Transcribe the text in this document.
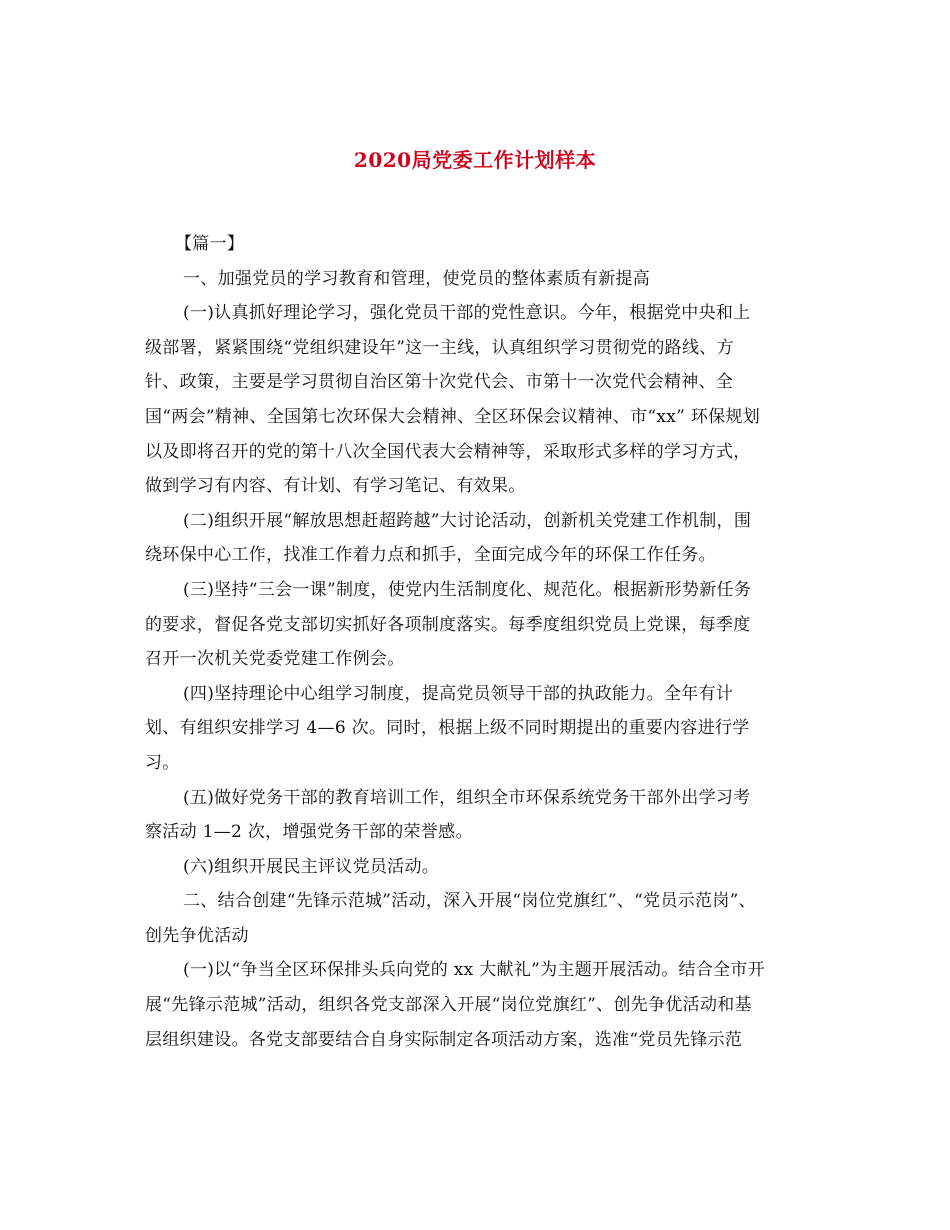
2020局党委工作计划样本
【篇一】
一、加强党员的学习教育和管理，使党员的整体素质有新提高
(一)认真抓好理论学习，强化党员干部的党性意识。今年，根据党中央和上
级部署，紧紧围绕“党组织建设年”这一主线，认真组织学习贯彻党的路线、方
针、政策，主要是学习贯彻自治区第十次党代会、市第十一次党代会精神、全
国“两会”精神、全国第七次环保大会精神、全区环保会议精神、市“xx” 环保规划
以及即将召开的党的第十八次全国代表大会精神等，采取形式多样的学习方式，
做到学习有内容、有计划、有学习笔记、有效果。
(二)组织开展“解放思想赶超跨越”大讨论活动，创新机关党建工作机制，围
绕环保中心工作，找准工作着力点和抓手，全面完成今年的环保工作任务。
(三)坚持“三会一课”制度，使党内生活制度化、规范化。根据新形势新任务
的要求，督促各党支部切实抓好各项制度落实。每季度组织党员上党课，每季度
召开一次机关党委党建工作例会。
(四)坚持理论中心组学习制度，提高党员领导干部的执政能力。全年有计
划、有组织安排学习 4—6 次。同时，根据上级不同时期提出的重要内容进行学
习。
(五)做好党务干部的教育培训工作，组织全市环保系统党务干部外出学习考
察活动 1—2 次，增强党务干部的荣誉感。
(六)组织开展民主评议党员活动。
二、结合创建“先锋示范城”活动，深入开展“岗位党旗红”、“党员示范岗”、
创先争优活动
(一)以“争当全区环保排头兵向党的 xx 大献礼”为主题开展活动。结合全市开
展“先锋示范城”活动，组织各党支部深入开展“岗位党旗红”、创先争优活动和基
层组织建设。各党支部要结合自身实际制定各项活动方案，选准“党员先锋示范
